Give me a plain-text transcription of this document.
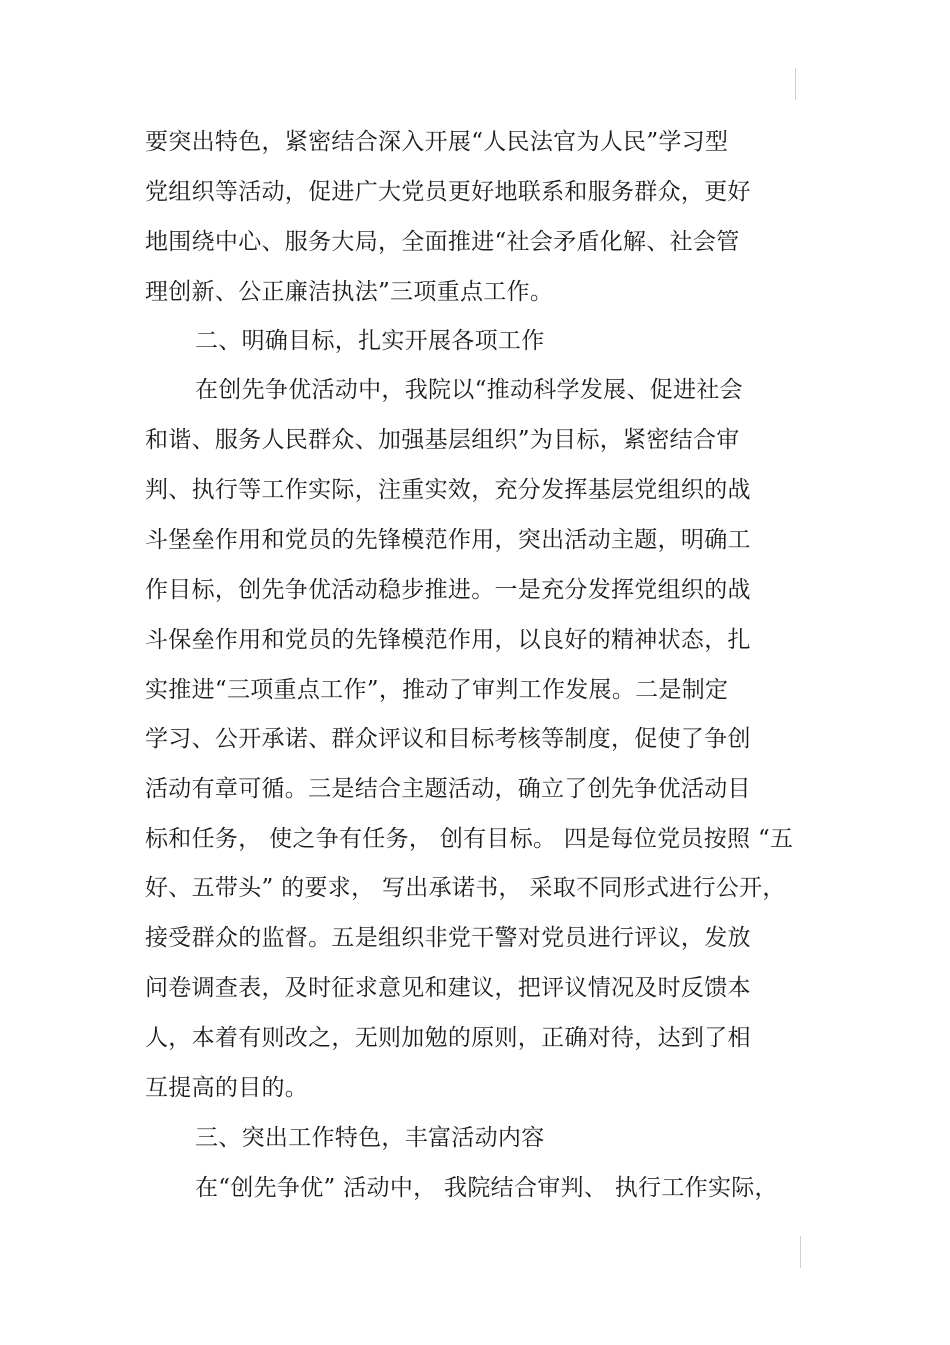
要突出特色，紧密结合深入开展“人民法官为人民”学习型
党组织等活动，促进广大党员更好地联系和服务群众，更好
地围绕中心、服务大局，全面推进“社会矛盾化解、社会管
理创新、公正廉洁执法”三项重点工作。
二、明确目标，扎实开展各项工作
在创先争优活动中，我院以“推动科学发展、促进社会
和谐、服务人民群众、加强基层组织”为目标，紧密结合审
判、执行等工作实际，注重实效，充分发挥基层党组织的战
斗堡垒作用和党员的先锋模范作用，突出活动主题，明确工
作目标，创先争优活动稳步推进。一是充分发挥党组织的战
斗保垒作用和党员的先锋模范作用，以良好的精神状态，扎
实推进“三项重点工作”，推动了审判工作发展。二是制定
学习、公开承诺、群众评议和目标考核等制度，促使了争创
活动有章可循。三是结合主题活动，确立了创先争优活动目
标和任务， 使之争有任务， 创有目标。 四是每位党员按照 “五
好、五带头” 的要求， 写出承诺书， 采取不同形式进行公开，
接受群众的监督。五是组织非党干警对党员进行评议，发放
问卷调查表，及时征求意见和建议，把评议情况及时反馈本
人，本着有则改之，无则加勉的原则，正确对待，达到了相
互提高的目的。
三、突出工作特色，丰富活动内容
在“创先争优” 活动中， 我院结合审判、 执行工作实际，
